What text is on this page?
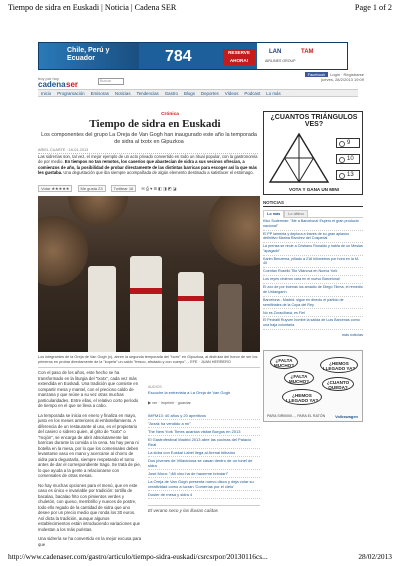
Tiempo de sidra en Euskadi | Noticia | Cadena SER	Page 1 of 2
Chile, Perú y Ecuador	784	RESERVE AHORA!
LAN	TAM
AIRLINES GROUP
hoy por hoy
cadena ser	Buscar
Facebook Login · Registrarse
jueves, 28/2/2013 19:09
Inicio Programación Emisoras Noticias Tendencias Gastro Blogs Deportes Vídeos Podcast Lo más
Crónica
Tiempo de sidra en Euskadi
Los componentes del grupo La Oreja de Van Gogh han inaugurado este año la temporada de sidra al txotx en Gipuzkoa
ARIEL CUARTE · 16-01-2013
Las sidrerías son, tal vez, el mejor ejemplo de un acto privado convertido en todo un ritual popular, con la gastronomía de por medio. En tiempos no tan remotos, los caseríos que abastecían de sidra a sus vecinos ofrecían, a comienzos de año, la posibilidad de probar directamente de las distintas barricas para escoger así la que más les gustaba. Una degustación que iba siempre acompañada de algún elemento destinado a satisfacer el estómago.
Votar ★★★★★	Me gusta 23	Twittear 16 ✉ ⎙ ♥ ⊞ ◧ ◨ ◩ ◪
Los integrantes de la Oreja de Van Gogh (c), abren la segunda temporada del "txotx" en Gipuzkoa, al disfrutar del honor de ser los primeros en probar directamente de la "kupela" un caldo "fresco, afrutado y con cuerpo". - EFE · JUAN HERRERO

Con el paso de los años, este hecho se ha transformado en la liturgia del "txotx", cada vez más extendida en Euskadi. Una tradición que consiste en compartir mesa y mantel, con el precioso caldo de manzana y que reúne a su vez otras muchas particularidades. Entre ellas, el relativo corto período de tiempo en el que se lleva a cabo.

La temporada se inicia en enero y finaliza en mayo, justo en los meses anteriores al embotellamiento. A diferencia de un restaurante al uso, es el propietario del casero o sidrero quien, al grito de "txotx" o "mojón", se encarga de abrir absolutamente las barricas durante la comida o la cena. No hay pena ni botella en la mesa, por lo que los comensales deben levantarse vaso en mano y acercarse al chorro de sidra para degustarla, siempre respetando el turno antes de dar el correspondiente trago. Se trata de pie, lo que ayuda a la gente a relacionarse con comensales de otras mesas.

No hay muchas opciones para el menú, que en este caso es único e invariable por tradición: tortilla de bacalao, bacalao frito con pimientos verdes y chuletón, con queso, membrillo y nueces de postre, todo ello regado de la cantidad de sidra que uno desee por un precio medio que ronda los 30 euros. Así dicta la tradición, aunque algunos establecimientos están introduciendo variaciones que molestan a los más puristas.

Una sidrería se ha convertido en la mejor excusa para que

AUDIOS
Escuche la entrevista a La Oreja de Van Gogh
▶ ver · Imprimir · guardar
IMFM13: 40 años y 20 aperitivos
"Arzak ha vendido a mí"
The New York Times acaricia visitar Burgos en 2013
El Gastrofestival Madrid 2013 abre las cocinas del Palacio Real
La sidra con Euskal Label llega al Arenal bilbaíno
Dos jóvenes de Villaviciosa se casan dentro de un tonel de sidra
José Mora: "¡Mi vino ha de hacerme brindar!"
La Oreja de Van Gogh presenta nuevo disco y deja volar su creatividad como a lucran 'Comerías por el cielo'
Dosier de mesa y sidra 4
El verano seco y las lluvias caídas
¿CUANTOS TRIÁNGULOS VES?
9
10
13
VOTA Y GANA UN MINI
NOTICIAS
Lo más Lo último
Kiko Soderman: "Me a Barcelona! Espero el gran producto nacional"
El PP lamenta y deplora a través de su gran aplauso definitivo Marina Ramírez del Cospedal
La prensa se rinde a Cristiano Ronaldo y habla de un Mesias "apagado"
Karim Benzema, pillado a 216 kilómetros por hora en la M-40
Cuentan Roselló Tito Vilanova en Nueva York
Los reyes vinieron cara en el nuevo Barcelona!
El zoo de por buenas los amadio de Diego Tiirma, el remedio de Urdangarín
Barcelona - Madrid: sigue en directo el partido de semifinales de la Copa del Rey
No es Zoraciñasá, es Fiel
El Pedralti Ruyven bombé la salida de Luis Barcenas como una baja voluntaria
más noticias
¿FALTA MUCHO?	¿HEMOS LLEGADO YA?
¿FALTA MUCHO?	¿CUANTO QUEDA?
¿HEMOS LLEGADO YA?
PARA SIRIIIIIIIII..., PARA EL RATÓN Volkswagen
http://www.cadenaser.com/gastro/articulo/tiempo-sidra-euskadi/csrcsrpor/20130116cs...	28/02/2013
